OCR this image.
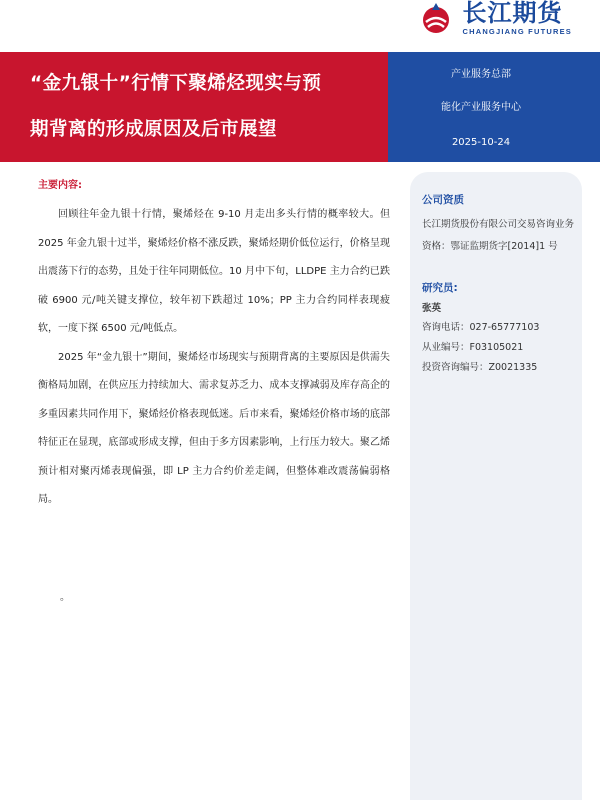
长江期货
CHANGJIANG FUTURES
“金九银十”行情下聚烯烃现实与预
期背离的形成原因及后市展望
产业服务总部
能化产业服务中心
2025-10-24
主要内容:

回顾往年金九银十行情，聚烯烃在 9-10 月走出多头行情的概率较大。但 2025 年金九银十过半，聚烯烃价格不涨反跌，聚烯烃期价低位运行，价格呈现出震荡下行的态势，且处于往年同期低位。10 月中下旬，LLDPE 主力合约已跌破 6900 元/吨关键支撑位，较年初下跌超过 10%；PP 主力合约同样表现疲软，一度下探 6500 元/吨低点。

2025 年“金九银十”期间，聚烯烃市场现实与预期背离的主要原因是供需失衡格局加剧，在供应压力持续加大、需求复苏乏力、成本支撑减弱及库存高企的多重因素共同作用下，聚烯烃价格表现低迷。后市来看，聚烯烃价格市场的底部特征正在显现，底部或形成支撑，但由于多方因素影响，上行压力较大。聚乙烯预计相对聚丙烯表现偏强，即 LP 主力合约价差走阔，但整体难改震荡偏弱格局。

。
公司资质
长江期货股份有限公司交易咨询业务资格：鄂证监期货字[2014]1 号
研究员:
张英
咨询电话：027-65777103
从业编号：F03105021
投资咨询编号：Z0021335
